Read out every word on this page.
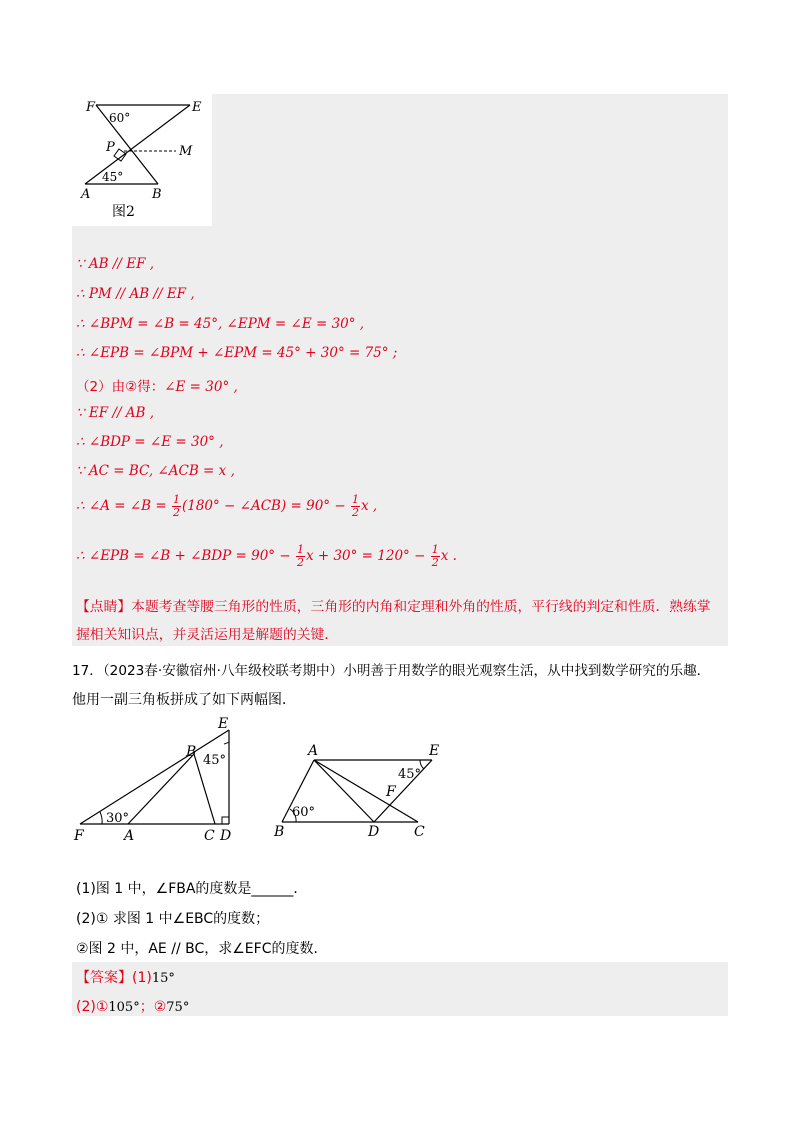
F	E
60°
P	M
45°
A	B
图2
∵ AB // EF ,
∴ PM // AB // EF ,
∴ ∠BPM = ∠B = 45°, ∠EPM = ∠E = 30° ,
∴ ∠EPB = ∠BPM + ∠EPM = 45° + 30° = 75° ;
（2）由②得：∠E = 30° ,
∵ EF // AB ,
∴ ∠BDP = ∠E = 30° ,
∵ AC = BC, ∠ACB = x ,
∴ ∠A = ∠B = $\frac{1}{2} (180^\circ$ − ∠ACB) = $90^\circ - \frac{1}{2}$ x ,
∴ ∠EPB = ∠B + ∠BDP = $90^\circ - \frac{1}{2}$ $x + 30^\circ = 120^\circ - \frac{1}{2}$ x .
【点睛】本题考查等腰三角形的性质，三角形的内角和定理和外角的性质，平行线的判定和性质．熟练掌
握相关知识点，并灵活运用是解题的关键．
17．（2023春·安徽宿州·八年级校联考期中）小明善于用数学的眼光观察生活，从中找到数学研究的乐趣．
他用一副三角板拼成了如下两幅图．
E
B
45°
30°
F	A	C D
A	E
45°
F
60°
B	D C
(1)图 1 中，∠FBA的度数是______．
(2)① 求图 1 中∠EBC的度数；
②图 2 中，AE // BC，求∠EFC的度数．
【答案】(1)15°
(2)①105°；②75°
